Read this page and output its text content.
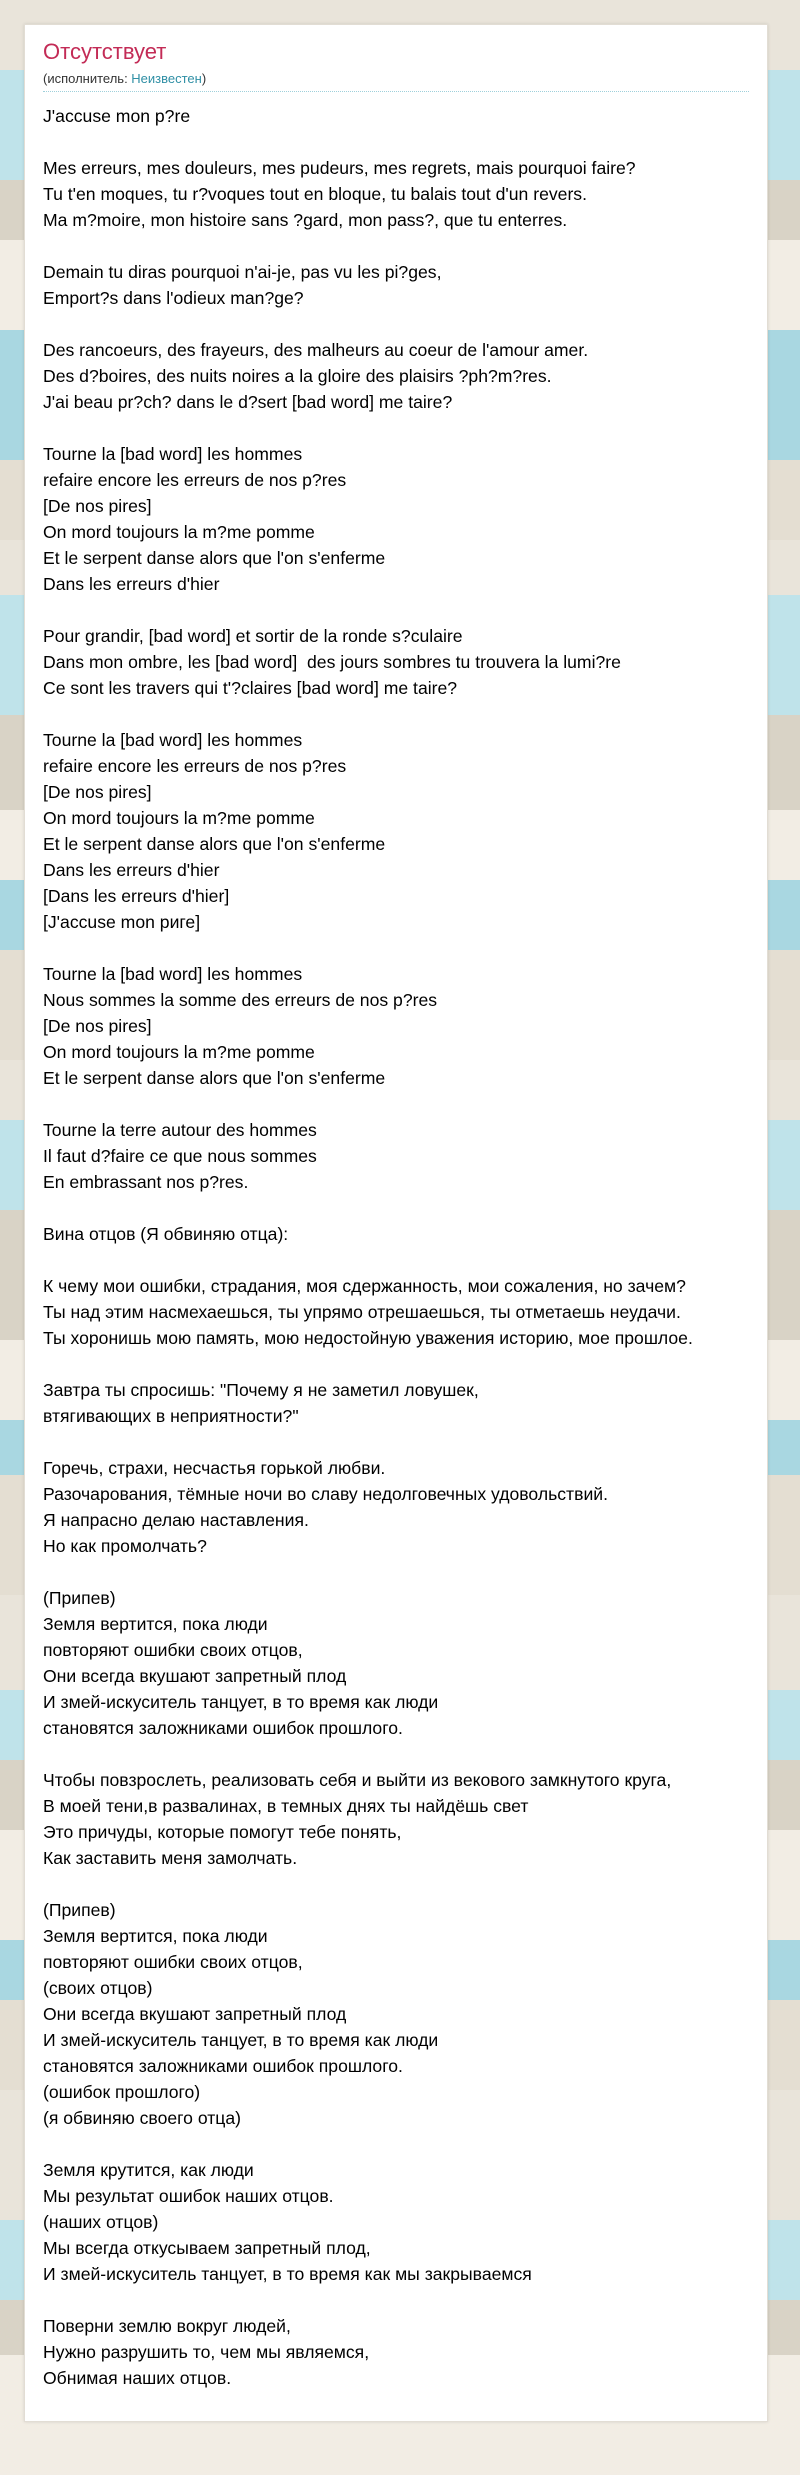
Отсутствует
(исполнитель: Неизвестен)
J'accuse mon p?re
Mes erreurs, mes douleurs, mes pudeurs, mes regrets, mais pourquoi faire?
Tu t'en moques, tu r?voques tout en bloque, tu balais tout d'un revers.
Ma m?moire, mon histoire sans ?gard, mon pass?, que tu enterres.
Demain tu diras pourquoi n'ai-je, pas vu les pi?ges,
Emport?s dans l'odieux man?ge?
Des rancoeurs, des frayeurs, des malheurs au coeur de l'amour amer.
Des d?boires, des nuits noires a la gloire des plaisirs ?ph?m?res.
J'ai beau pr?ch? dans le d?sert [bad word] me taire?
Tourne la [bad word] les hommes
refaire encore les erreurs de nos p?res
[De nos pires]
On mord toujours la m?me pomme
Et le serpent danse alors que l'on s'enferme
Dans les erreurs d'hier
Pour grandir, [bad word] et sortir de la ronde s?culaire
Dans mon ombre, les [bad word]  des jours sombres tu trouvera la lumi?re
Ce sont les travers qui t'?claires [bad word] me taire?
Tourne la [bad word] les hommes
refaire encore les erreurs de nos p?res
[De nos pires]
On mord toujours la m?me pomme
Et le serpent danse alors que l'on s'enferme
Dans les erreurs d'hier
[Dans les erreurs d'hier]
[J'accuse mon риге]
Tourne la [bad word] les hommes
Nous sommes la somme des erreurs de nos p?res
[De nos pires]
On mord toujours la m?me pomme
Et le serpent danse alors que l'on s'enferme
Tourne la terre autour des hommes
Il faut d?faire ce que nous sommes
En embrassant nos p?res.
Вина отцов (Я обвиняю отца):
К чему мои ошибки, страдания, моя сдержанность, мои сожаления, но зачем?
Ты над этим насмехаешься, ты упрямо отрешаешься, ты отметаешь неудачи.
Ты хоронишь мою память, мою недостойную уважения историю, мое прошлое.
Завтра ты спросишь: "Почему я не заметил ловушек,
втягивающих в неприятности?"
Горечь, страхи, несчастья горькой любви.
Разочарования, тёмные ночи во славу недолговечных удовольствий.
Я напрасно делаю наставления.
Но как промолчать?
(Припев)
Земля вертится, пока люди
повторяют ошибки своих отцов,
Они всегда вкушают запретный плод
И змей-искуситель танцует, в то время как люди
становятся заложниками ошибок прошлого.
Чтобы повзрослеть, реализовать себя и выйти из векового замкнутого круга,
В моей тени,в развалинах, в темных днях ты найдёшь свет
Это причуды, которые помогут тебе понять,
Как заставить меня замолчать.
(Припев)
Земля вертится, пока люди
повторяют ошибки своих отцов,
(своих отцов)
Они всегда вкушают запретный плод
И змей-искуситель танцует, в то время как люди
становятся заложниками ошибок прошлого.
(ошибок прошлого)
(я обвиняю своего отца)
Земля крутится, как люди
Мы результат ошибок наших отцов.
(наших отцов)
Мы всегда откусываем запретный плод,
И змей-искуситель танцует, в то время как мы закрываемся
Поверни землю вокруг людей,
Нужно разрушить то, чем мы являемся,
Обнимая наших отцов.
